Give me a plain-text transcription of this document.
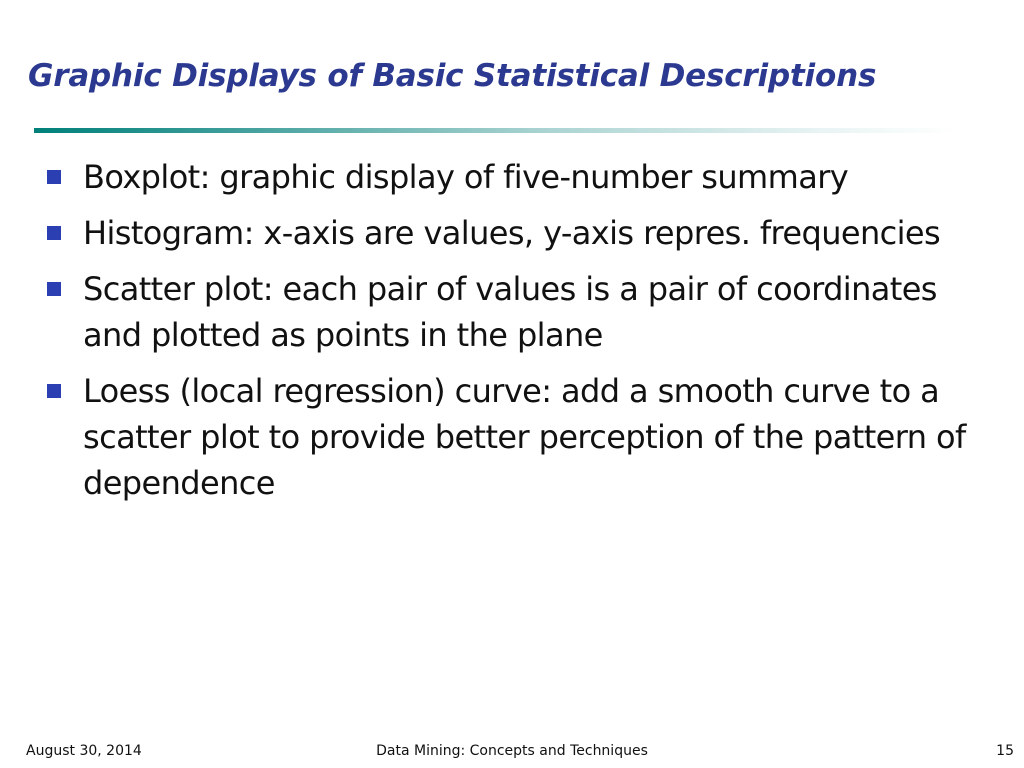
Graphic Displays of Basic Statistical Descriptions
Boxplot: graphic display of five-number summary
Histogram: x-axis are values, y-axis repres. frequencies
Scatter plot: each pair of values is a pair of coordinates and plotted as points in the plane
Loess (local regression) curve: add a smooth curve to a scatter plot to provide better perception of the pattern of dependence
August 30, 2014	Data Mining: Concepts and Techniques	15
